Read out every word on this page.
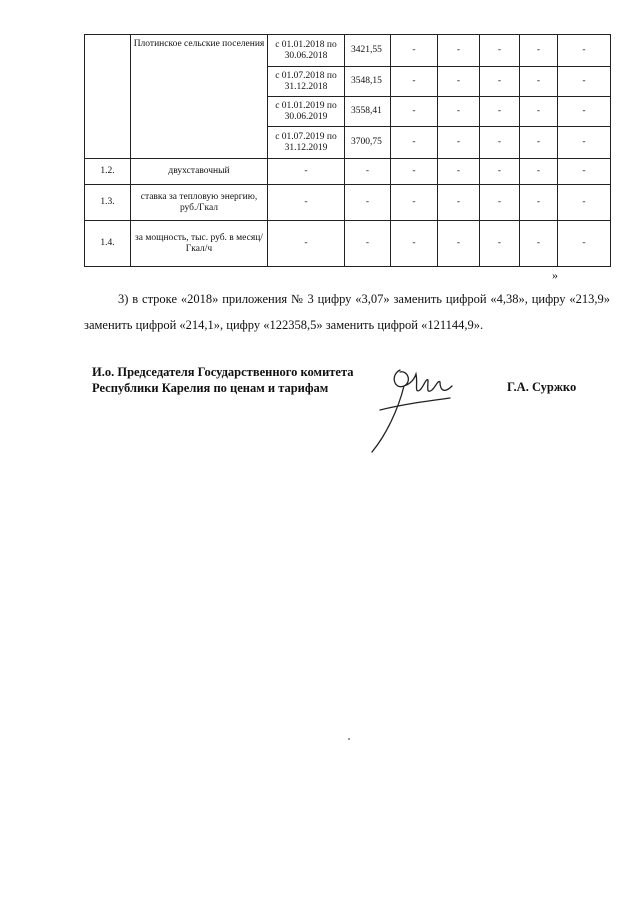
	Плотинское сельские поселения	с 01.01.2018 по 30.06.2018	3421,55	-	-	-	-	-
		с 01.07.2018 по 31.12.2018	3548,15	-	-	-	-	-
		с 01.01.2019 по 30.06.2019	3558,41	-	-	-	-	-
		с 01.07.2019 по 31.12.2019	3700,75	-	-	-	-	-
1.2.	двухставочный	-	-	-	-	-	-	-
1.3.	ставка за тепловую энергию, руб./Гкал	-	-	-	-	-	-	-
1.4.	за мощность, тыс. руб. в месяц/Гкал/ч	-	-	-	-	-	-	-
»
3) в строке «2018» приложения № 3 цифру «3,07» заменить цифрой «4,38», цифру «213,9» заменить цифрой «214,1», цифру «122358,5» заменить цифрой «121144,9».
И.о. Председателя Государственного комитета
Республики Карелия по ценам и тарифам	Г.А. Суржко
